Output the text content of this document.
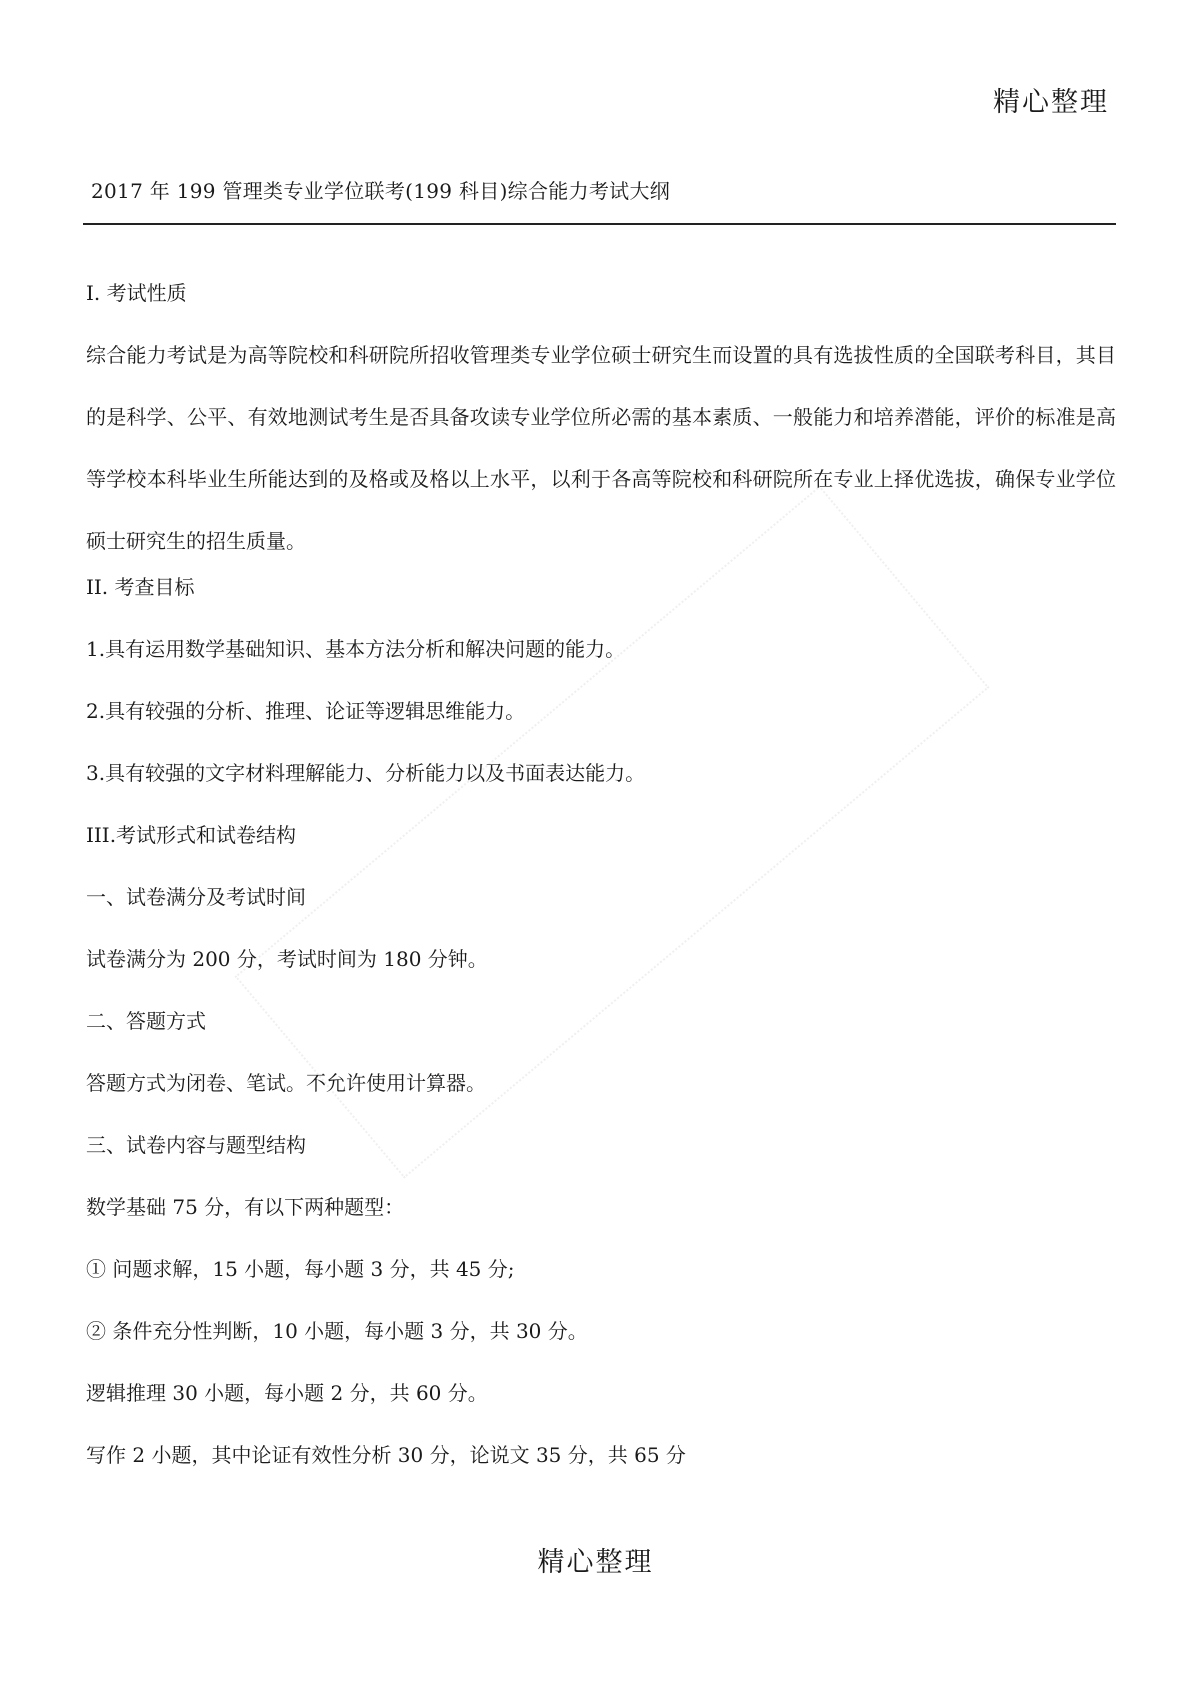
精心整理
2017 年 199 管理类专业学位联考(199 科目)综合能力考试大纲
I. 考试性质

综合能力考试是为高等院校和科研院所招收管理类专业学位硕士研究生而设置的具有选拔性质的全国联考科目，其目的是科学、公平、有效地测试考生是否具备攻读专业学位所必需的基本素质、一般能力和培养潜能，评价的标准是高等学校本科毕业生所能达到的及格或及格以上水平，以利于各高等院校和科研院所在专业上择优选拔，确保专业学位硕士研究生的招生质量。

II. 考查目标
1.具有运用数学基础知识、基本方法分析和解决问题的能力。
2.具有较强的分析、推理、论证等逻辑思维能力。
3.具有较强的文字材料理解能力、分析能力以及书面表达能力。
III.考试形式和试卷结构
一、试卷满分及考试时间
试卷满分为 200 分，考试时间为 180 分钟。
二、答题方式
答题方式为闭卷、笔试。不允许使用计算器。
三、试卷内容与题型结构
数学基础 75 分，有以下两种题型：
① 问题求解，15 小题，每小题 3 分，共 45 分;
② 条件充分性判断，10 小题，每小题 3 分，共 30 分。
逻辑推理 30 小题，每小题 2 分，共 60 分。
写作 2 小题，其中论证有效性分析 30 分，论说文 35 分，共 65 分
精心整理
